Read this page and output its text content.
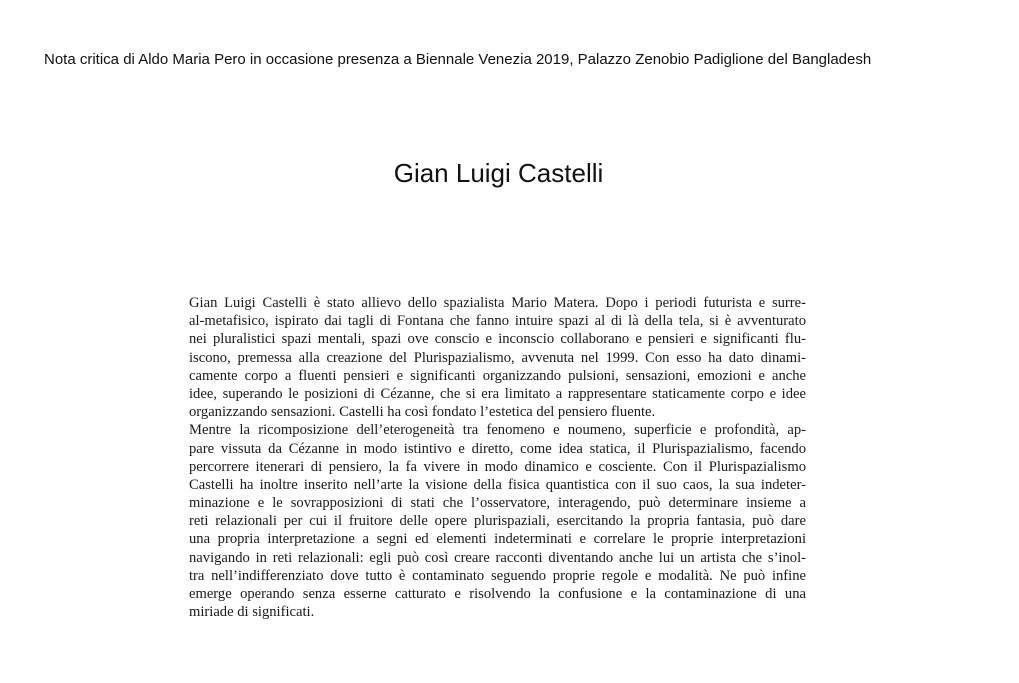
Nota critica di Aldo Maria Pero in occasione presenza a Biennale Venezia 2019, Palazzo Zenobio Padiglione del Bangladesh
Gian Luigi Castelli
Gian Luigi Castelli è stato allievo dello spazialista Mario Matera. Dopo i periodi futurista e surre-
al-metafisico, ispirato dai tagli di Fontana che fanno intuire spazi al di là della tela, si è avventurato
nei pluralistici spazi mentali, spazi ove conscio e inconscio collaborano e pensieri e significanti flu-
iscono, premessa alla creazione del Plurispazialismo, avvenuta nel 1999. Con esso ha dato dinami-
camente corpo a fluenti pensieri e significanti organizzando pulsioni, sensazioni, emozioni e anche
idee, superando le posizioni di Cézanne, che si era limitato a rappresentare staticamente corpo e idee
organizzando sensazioni. Castelli ha così fondato l’estetica del pensiero fluente.
Mentre la ricomposizione dell’eterogeneità tra fenomeno e noumeno, superficie e profondità, ap-
pare vissuta da Cézanne in modo istintivo e diretto, come idea statica, il Plurispazialismo, facendo
percorrere itenerari di pensiero, la fa vivere in modo dinamico e cosciente. Con il Plurispazialismo
Castelli ha inoltre inserito nell’arte la visione della fisica quantistica con il suo caos, la sua indeter-
minazione e le sovrapposizioni di stati che l’osservatore, interagendo, può determinare insieme a
reti relazionali per cui il fruitore delle opere plurispaziali, esercitando la propria fantasia, può dare
una propria interpretazione a segni ed elementi indeterminati e correlare le proprie interpretazioni
navigando in reti relazionali: egli può così creare racconti diventando anche lui un artista che s’inol-
tra nell’indifferenziato dove tutto è contaminato seguendo proprie regole e modalità. Ne può infine
emerge operando senza esserne catturato e risolvendo la confusione e la contaminazione di una
miriade di significati.
